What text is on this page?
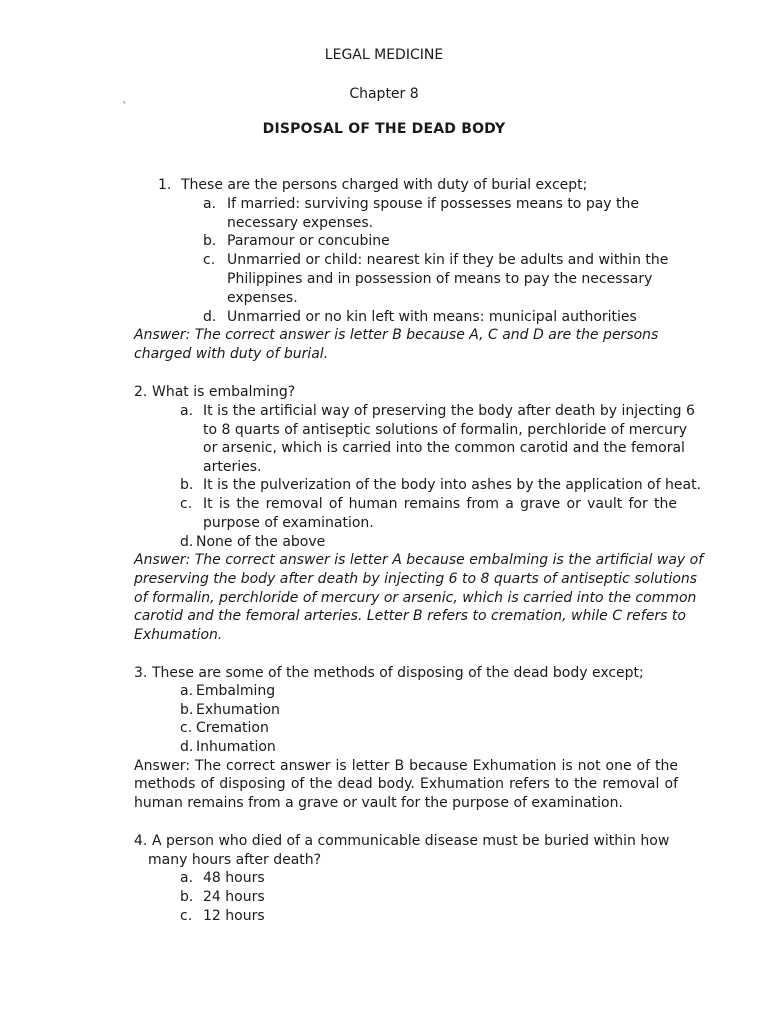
LEGAL MEDICINE
Chapter 8
`
DISPOSAL OF THE DEAD BODY
1. These are the persons charged with duty of burial except;
a. If married: surviving spouse if possesses means to pay the
necessary expenses.
b. Paramour or concubine
c. Unmarried or child: nearest kin if they be adults and within the
Philippines and in possession of means to pay the necessary
expenses.
d. Unmarried or no kin left with means: municipal authorities
Answer: The correct answer is letter B because A, C and D are the persons
charged with duty of burial.
2. What is embalming?
a. It is the artificial way of preserving the body after death by injecting 6
to 8 quarts of antiseptic solutions of formalin, perchloride of mercury
or arsenic, which is carried into the common carotid and the femoral
arteries.
b. It is the pulverization of the body into ashes by the application of heat.
c. It is the removal of human remains from a grave or vault for the
purpose of examination.
d. None of the above
Answer: The correct answer is letter A because embalming is the artificial way of
preserving the body after death by injecting 6 to 8 quarts of antiseptic solutions
of formalin, perchloride of mercury or arsenic, which is carried into the common
carotid and the femoral arteries. Letter B refers to cremation, while C refers to
Exhumation.
3. These are some of the methods of disposing of the dead body except;
a. Embalming
b. Exhumation
c. Cremation
d. Inhumation
Answer: The correct answer is letter B because Exhumation is not one of the
methods of disposing of the dead body. Exhumation refers to the removal of
human remains from a grave or vault for the purpose of examination.
4. A person who died of a communicable disease must be buried within how
many hours after death?
a. 48 hours
b. 24 hours
c. 12 hours
